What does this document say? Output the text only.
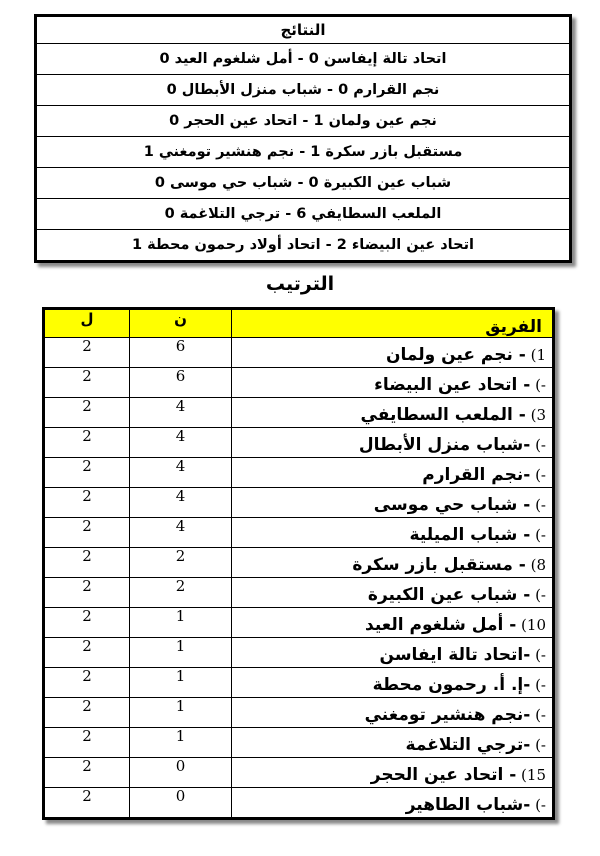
النتائج
اتحاد تالة إيفاسن 0 - أمل شلغوم العيد 0
نجم القرارم 0 - شباب منزل الأبطال 0
نجم عين ولمان 1 - اتحاد عين الحجر 0
مستقبل بازر سكرة 1 - نجم هنشير تومغني 1
شباب عين الكبيرة 0 - شباب حي موسى 0
الملعب السطايفي 6 - ترجي التلاغمة 0
اتحاد عين البيضاء 2 - اتحاد أولاد رحمون محطة 1
الترتيب
ل	ن	الفريق
2	6	1) - نجم عين ولمان
2	6	-) - اتحاد عين البيضاء
2	4	3) - الملعب السطايفي
2	4	-) -شباب منزل الأبطال
2	4	-) -نجم القرارم
2	4	-) - شباب حي موسى
2	4	-) - شباب الميلية
2	2	8) - مستقبل بازر سكرة
2	2	-) - شباب عين الكبيرة
2	1	10) - أمل شلغوم العيد
2	1	-) -اتحاد تالة ايفاسن
2	1	-) -إ. أ. رحمون محطة
2	1	-) -نجم هنشير تومغني
2	1	-) -ترجي التلاغمة
2	0	15) - اتحاد عين الحجر
2	0	-) -شباب الطاهير
